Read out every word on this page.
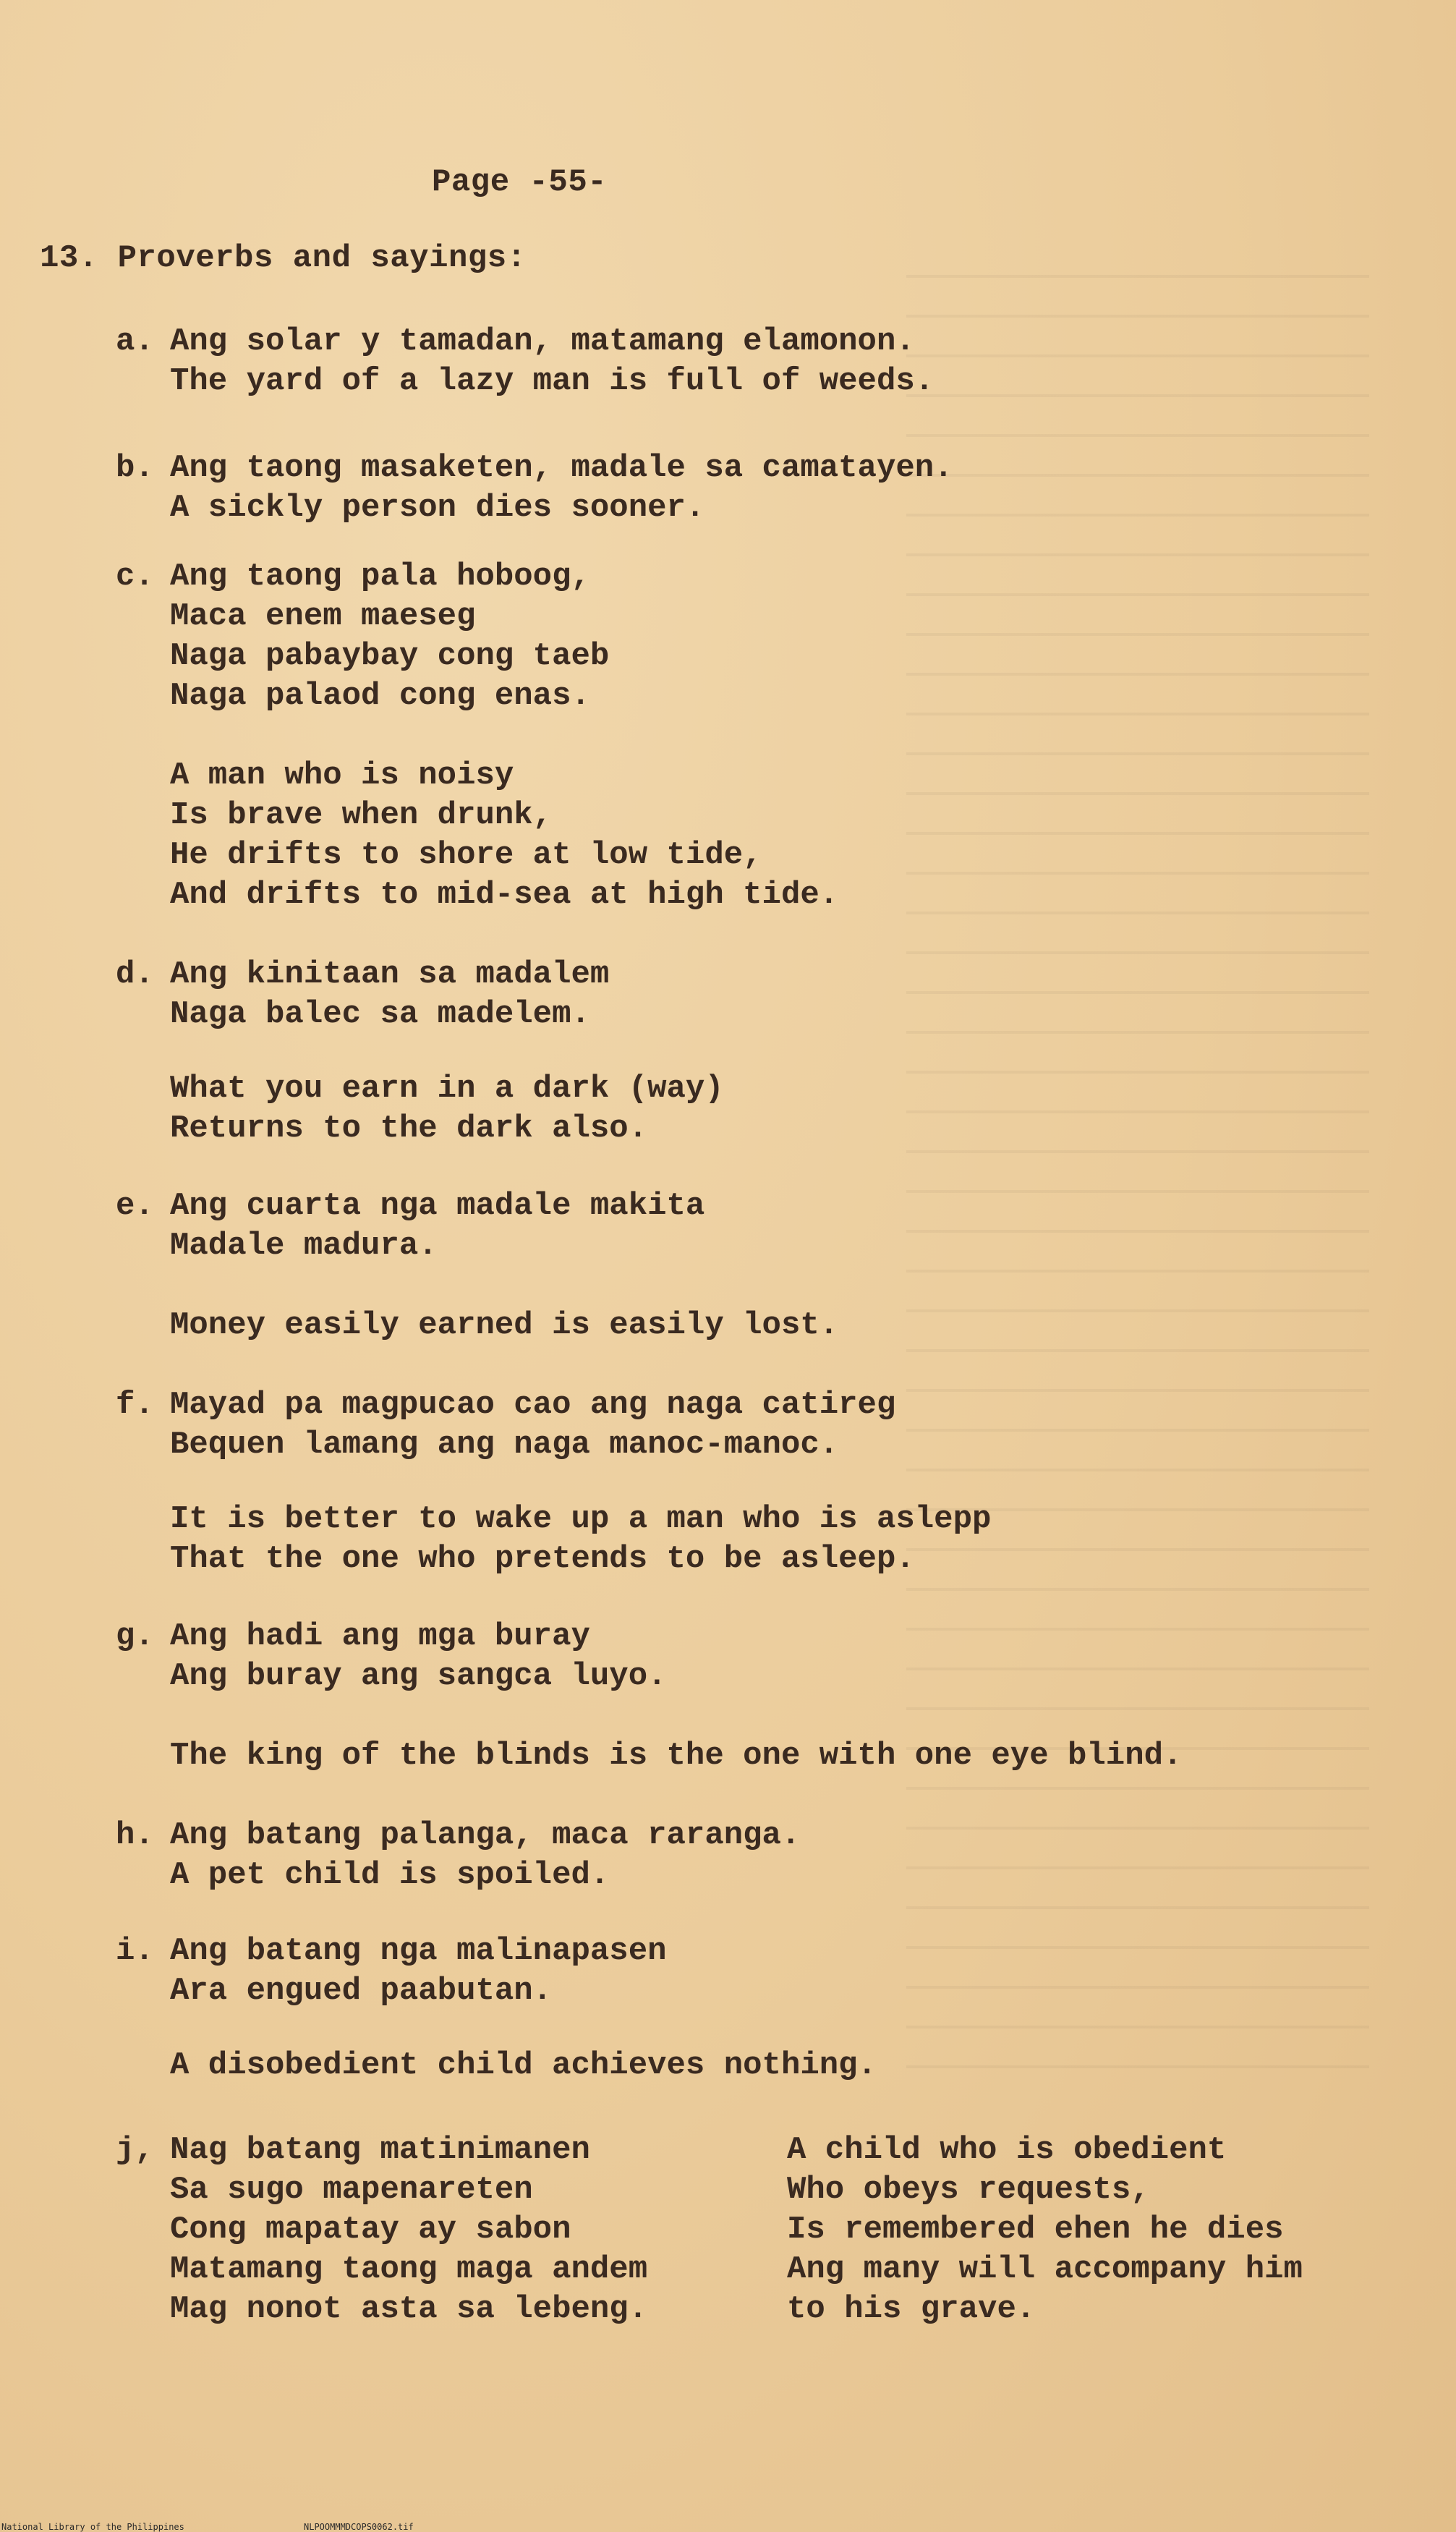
Page -55-
13. Proverbs and sayings:
a. Ang solar y tamadan, matamang elamonon.
The yard of a lazy man is full of weeds.
b. Ang taong masaketen, madale sa camatayen.
A sickly person dies sooner.
c. Ang taong pala hoboog,
Maca enem maeseg
Naga pabaybay cong taeb
Naga palaod cong enas.
A man who is noisy
Is brave when drunk,
He drifts to shore at low tide,
And drifts to mid-sea at high tide.
d. Ang kinitaan sa madalem
Naga balec sa madelem.
What you earn in a dark (way)
Returns to the dark also.
e. Ang cuarta nga madale makita
Madale madura.
Money easily earned is easily lost.
f. Mayad pa magpucao cao ang naga catireg
Bequen lamang ang naga manoc-manoc.
It is better to wake up a man who is aslepp
That the one who pretends to be asleep.
g. Ang hadi ang mga buray
Ang buray ang sangca luyo.
The king of the blinds is the one with one eye blind.
h. Ang batang palanga, maca raranga.
A pet child is spoiled.
i. Ang batang nga malinapasen
Ara engued paabutan.
A disobedient child achieves nothing.
j, Nag batang matinimanen
Sa sugo mapenareten
Cong mapatay ay sabon
Matamang taong maga andem
Mag nonot asta sa lebeng.
A child who is obedient
Who obeys requests,
Is remembered ehen he dies
Ang many will accompany him
to his grave.
National Library of the Philippines	NLPOOMMMDCOPS0062.tif
